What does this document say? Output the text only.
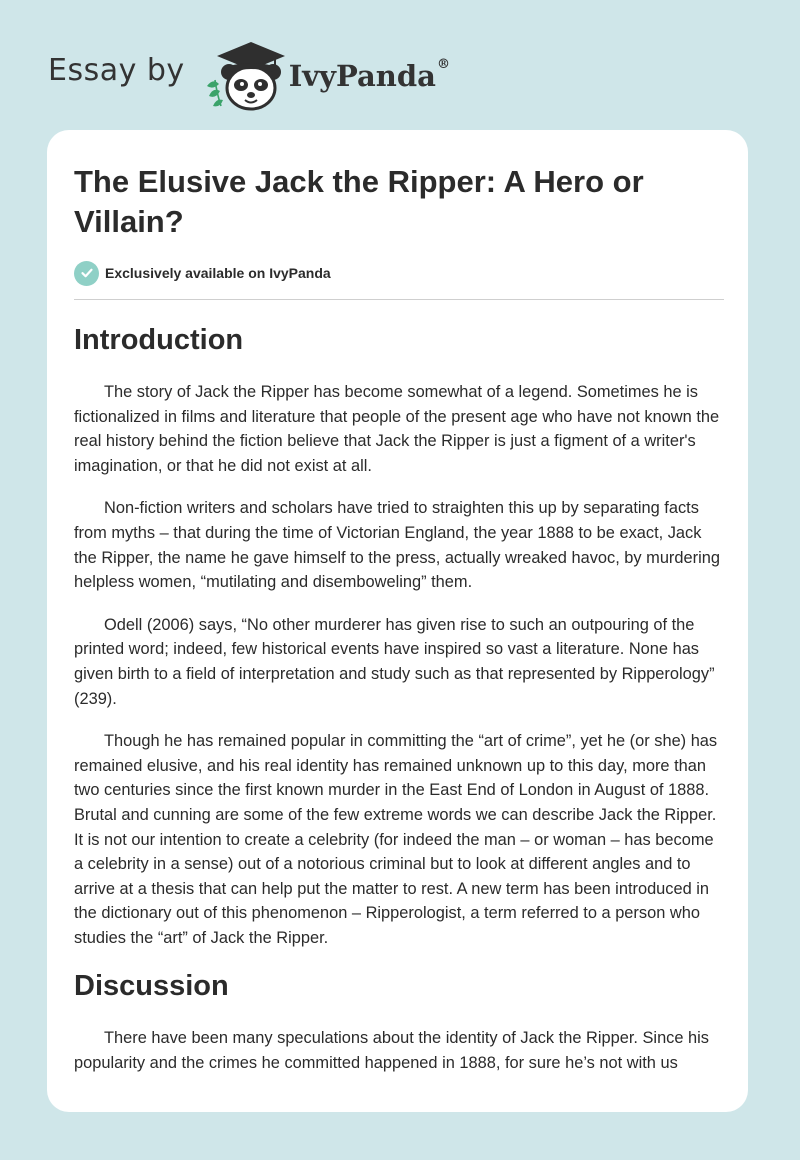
Essay by	IvyPanda®
The Elusive Jack the Ripper: A Hero or Villain?
Exclusively available on IvyPanda
Introduction

The story of Jack the Ripper has become somewhat of a legend. Sometimes he is fictionalized in films and literature that people of the present age who have not known the real history behind the fiction believe that Jack the Ripper is just a figment of a writer's imagination, or that he did not exist at all.

Non-fiction writers and scholars have tried to straighten this up by separating facts from myths – that during the time of Victorian England, the year 1888 to be exact, Jack the Ripper, the name he gave himself to the press, actually wreaked havoc, by murdering helpless women, “mutilating and disemboweling” them.

Odell (2006) says, “No other murderer has given rise to such an outpouring of the printed word; indeed, few historical events have inspired so vast a literature. None has given birth to a field of interpretation and study such as that represented by Ripperology” (239).

Though he has remained popular in committing the “art of crime”, yet he (or she) has remained elusive, and his real identity has remained unknown up to this day, more than two centuries since the first known murder in the East End of London in August of 1888. Brutal and cunning are some of the few extreme words we can describe Jack the Ripper. It is not our intention to create a celebrity (for indeed the man – or woman – has become a celebrity in a sense) out of a notorious criminal but to look at different angles and to arrive at a thesis that can help put the matter to rest. A new term has been introduced in the dictionary out of this phenomenon – Ripperologist, a term referred to a person who studies the “art” of Jack the Ripper.

Discussion

There have been many speculations about the identity of Jack the Ripper. Since his popularity and the crimes he committed happened in 1888, for sure he’s not with us
